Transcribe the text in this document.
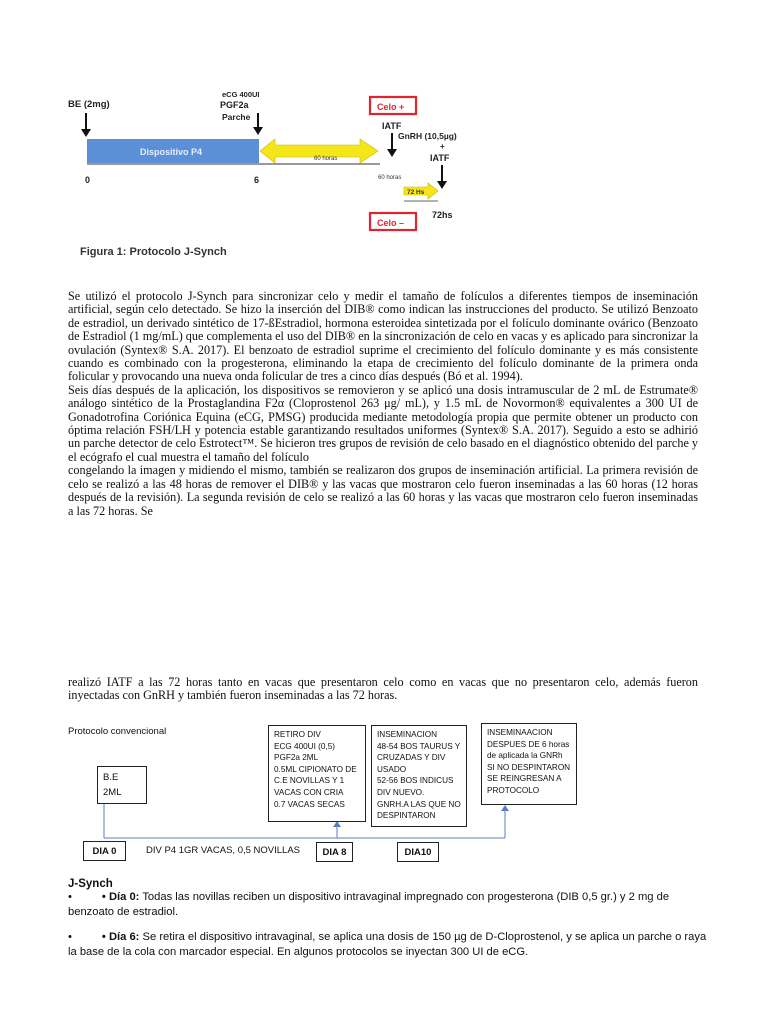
BE (2mg)
eCG 400UI
PGF2a
Parche
Dispositivo P4
60 horas
0	6
Celo +
IATF
GnRH (10,5µg)
+
IATF
60 horas
72 Hs
Celo –
72hs
Figura 1: Protocolo J-Synch

Se utilizó el protocolo J-Synch para sincronizar celo y medir el tamaño de folículos a diferentes tiempos de inseminación artificial, según celo detectado. Se hizo la inserción del DIB® como indican las instrucciones del producto. Se utilizó Benzoato de estradiol, un derivado sintético de 17-ßEstradiol, hormona esteroidea sintetizada por el folículo dominante ovárico (Benzoato de Estradiol (1 mg/mL) que complementa el uso del DIB® en la sincronización de celo en vacas y es aplicado para sincronizar la ovulación (Syntex® S.A. 2017). El benzoato de estradiol suprime el crecimiento del folículo dominante y es más consistente cuando es combinado con la progesterona, eliminando la etapa de crecimiento del folículo dominante de la primera onda folicular y provocando una nueva onda folicular de tres a cinco días después (Bó et al. 1994).

Seis días después de la aplicación, los dispositivos se removieron y se aplicó una dosis intramuscular de 2 mL de Estrumate® análogo sintético de la Prostaglandina F2α (Cloprostenol 263 μg/ mL), y 1.5 mL de Novormon® equivalentes a 300 UI de Gonadotrofina Coriónica Equina (eCG, PMSG) producida mediante metodología propia que permite obtener un producto con óptima relación FSH/LH y potencia estable garantizando resultados uniformes (Syntex® S.A. 2017). Seguido a esto se adhirió un parche detector de celo Estrotect™. Se hicieron tres grupos de revisión de celo basado en el diagnóstico obtenido del parche y el ecógrafo el cual muestra el tamaño del folículo

congelando la imagen y midiendo el mismo, también se realizaron dos grupos de inseminación artificial. La primera revisión de celo se realizó a las 48 horas de remover el DIB® y las vacas que mostraron celo fueron inseminadas a las 60 horas (12 horas después de la revisión). La segunda revisión de celo se realizó a las 60 horas y las vacas que mostraron celo fueron inseminadas a las 72 horas. Se

realizó IATF a las 72 horas tanto en vacas que presentaron celo como en vacas que no presentaron celo, además fueron inyectadas con GnRH y también fueron inseminadas a las 72 horas.

Protocolo convencional
B.E
2ML
RETIRO DIV
ECG 400UI (0,5)
PGF2a 2ML
0.5ML CIPIONATO DE
C.E NOVILLAS Y 1
VACAS CON CRIA
0.7 VACAS SECAS
INSEMINACION
48-54 BOS TAURUS Y
CRUZADAS Y DIV
USADO
52-56 BOS INDICUS
DIV NUEVO.
GNRH.A LAS QUE NO
DESPINTARON
INSEMINAACION
DESPUES DE 6 horas
de aplicada la GNRh
SI NO DESPINTARON
SE REINGRESAN A
PROTOCOLO
DIA 0	DIV P4 1GR VACAS, 0,5 NOVILLAS	DIA 8	DIA10
J-Synch
•	• Día 0: Todas las novillas reciben un dispositivo intravaginal impregnado con progesterona (DIB 0,5 gr.) y 2 mg de benzoato de estradiol.
•	• Día 6: Se retira el dispositivo intravaginal, se aplica una dosis de 150 µg de D-Cloprostenol, y se aplica un parche o raya la base de la cola con marcador especial. En algunos protocolos se inyectan 300 UI de eCG.
